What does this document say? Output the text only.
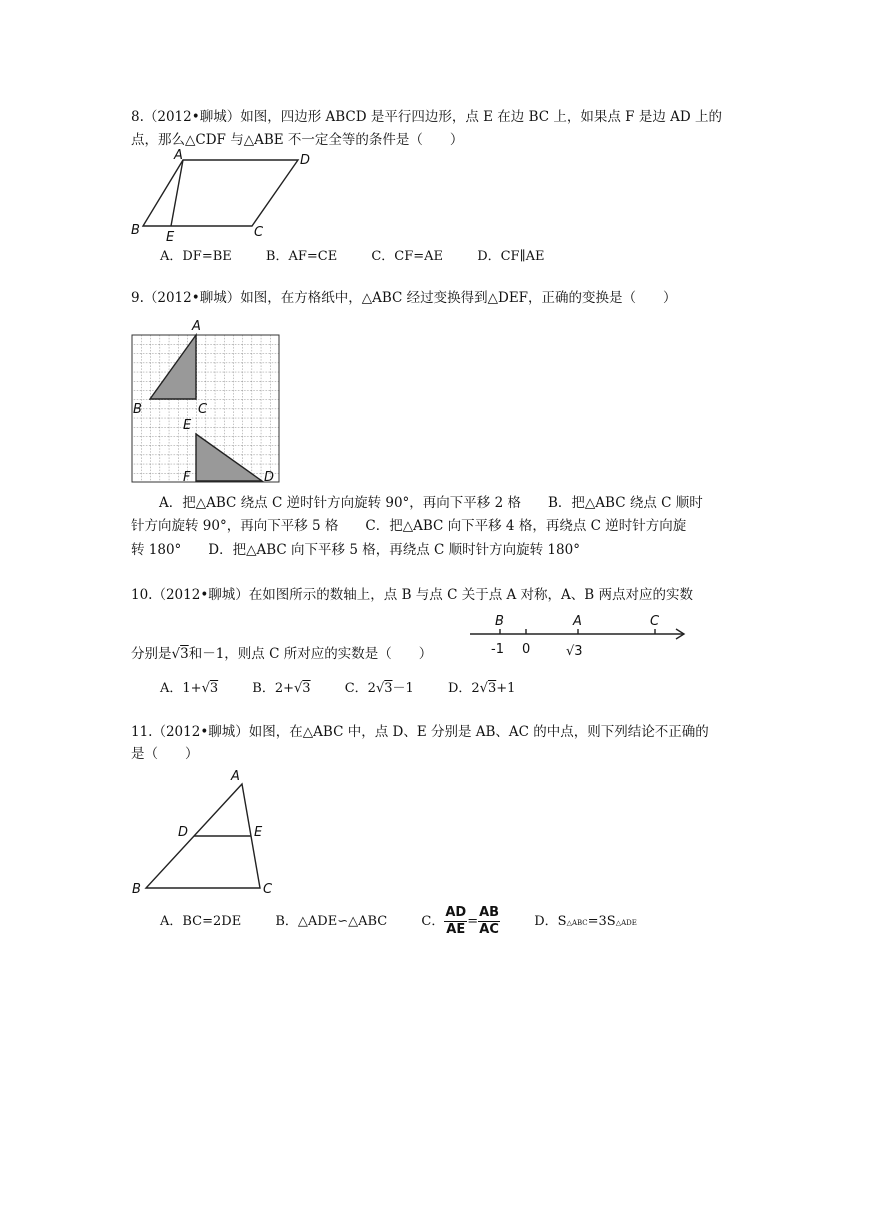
8.（2012•聊城）如图，四边形 ABCD 是平行四边形，点 E 在边 BC 上，如果点 F 是边 AD 上的
点，那么△CDF 与△ABE 不一定全等的条件是（　　）
A	D
B	C
E
A．DF=BE	B．AF=CE	C．CF=AE	D．CF∥AE
9.（2012•聊城）如图，在方格纸中，△ABC 经过变换得到△DEF，正确的变换是（　　）
A
B	C
E
F	D
A．把△ABC 绕点 C 逆时针方向旋转 90°，再向下平移 2 格　　B．把△ABC 绕点 C 顺时
针方向旋转 90°，再向下平移 5 格　　C．把△ABC 向下平移 4 格，再绕点 C 逆时针方向旋
转 180°　　D．把△ABC 向下平移 5 格，再绕点 C 顺时针方向旋转 180°
10.（2012•聊城）在如图所示的数轴上，点 B 与点 C 关于点 A 对称，A、B 两点对应的实数
分别是√3和－1，则点 C 所对应的实数是（　　）
B	A	C
-1 0	√3
A．1+√3	B．2+√3	C．2√3－1	D．2√3+1
11.（2012•聊城）如图，在△ABC 中，点 D、E 分别是 AB、AC 的中点，则下列结论不正确的
是（　　）
A
D	E
B	C
A．BC=2DE	B．△ADE∽△ABC	C． $\frac{AD}{AE} = \frac{AB}{AC}$	D．S△ABC=3S△ADE
